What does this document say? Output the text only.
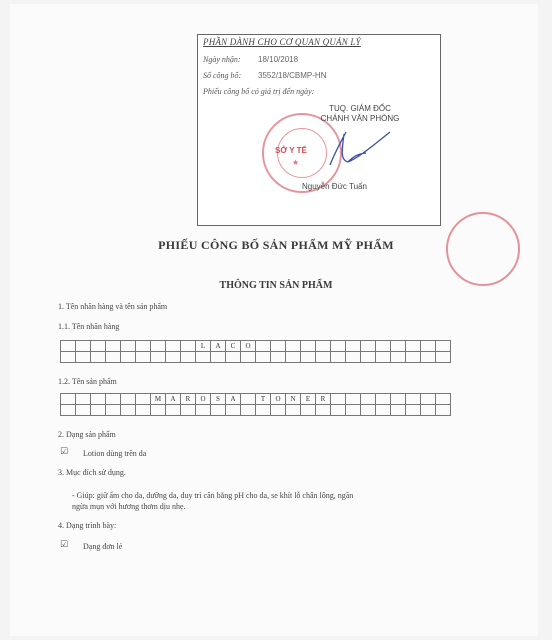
PHẦN DÀNH CHO CƠ QUAN QUẢN LÝ
Ngày nhận: 18/10/2018
Số công bố: 3552/18/CBMP-HN
Phiếu công bố có giá trị đến ngày:
★
SỞ Y TẾ
TUQ. GIÁM ĐỐC
CHÁNH VĂN PHÒNG
Nguyễn Đức Tuấn
PHIẾU CÔNG BỐ SẢN PHẨM MỸ PHẨM
THÔNG TIN SẢN PHẨM
1. Tên nhãn hàng và tên sản phẩm
1.1. Tên nhãn hàng
									L	A	C	O													

1.2. Tên sản phẩm
						M	A	R	O	S	A		T	O	N	E	R								

2. Dạng sản phẩm
☑ Lotion dùng trên da
3. Mục đích sử dụng.
- Giúp: giữ ẩm cho da, dưỡng da, duy trì cân bằng pH cho da, se khít lỗ chân lông, ngăn
ngừa mụn với hương thơm dịu nhẹ.
4. Dạng trình bày:
☑ Dạng đơn lẻ
